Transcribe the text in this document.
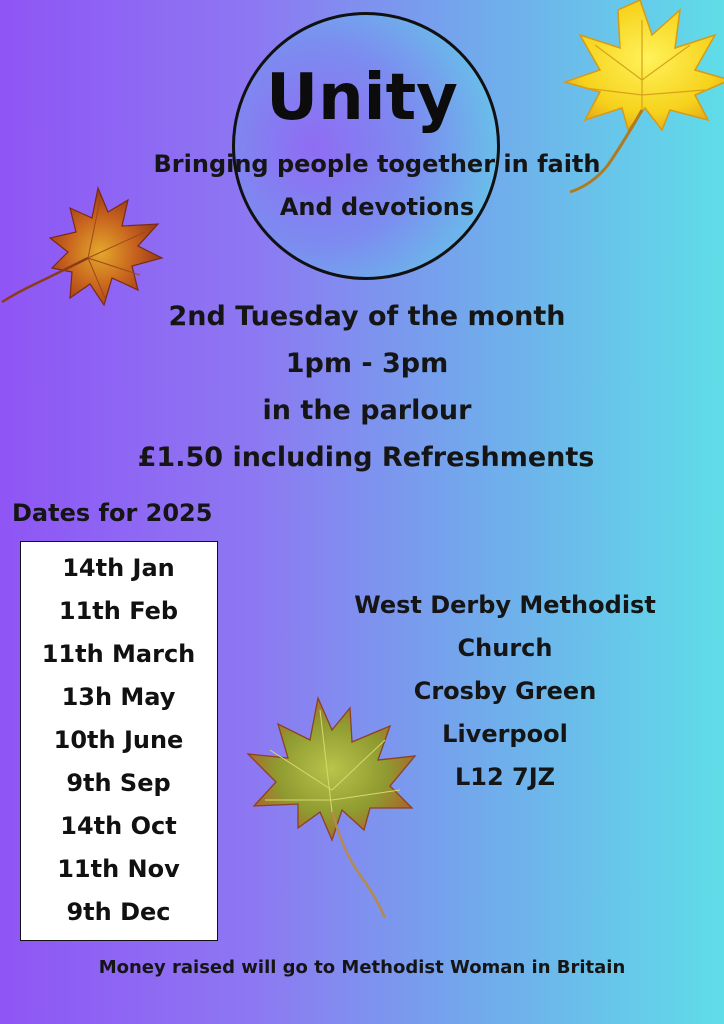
Unity
Bringing people together in faith
And devotions
2nd Tuesday of the month
1pm - 3pm
in the parlour
£1.50 including Refreshments
Dates for 2025
14th Jan
11th Feb
11th March
13h May
10th June
9th Sep
14th Oct
11th Nov
9th Dec
West Derby Methodist
Church
Crosby Green
Liverpool
L12 7JZ
Money raised will go to Methodist Woman in Britain
